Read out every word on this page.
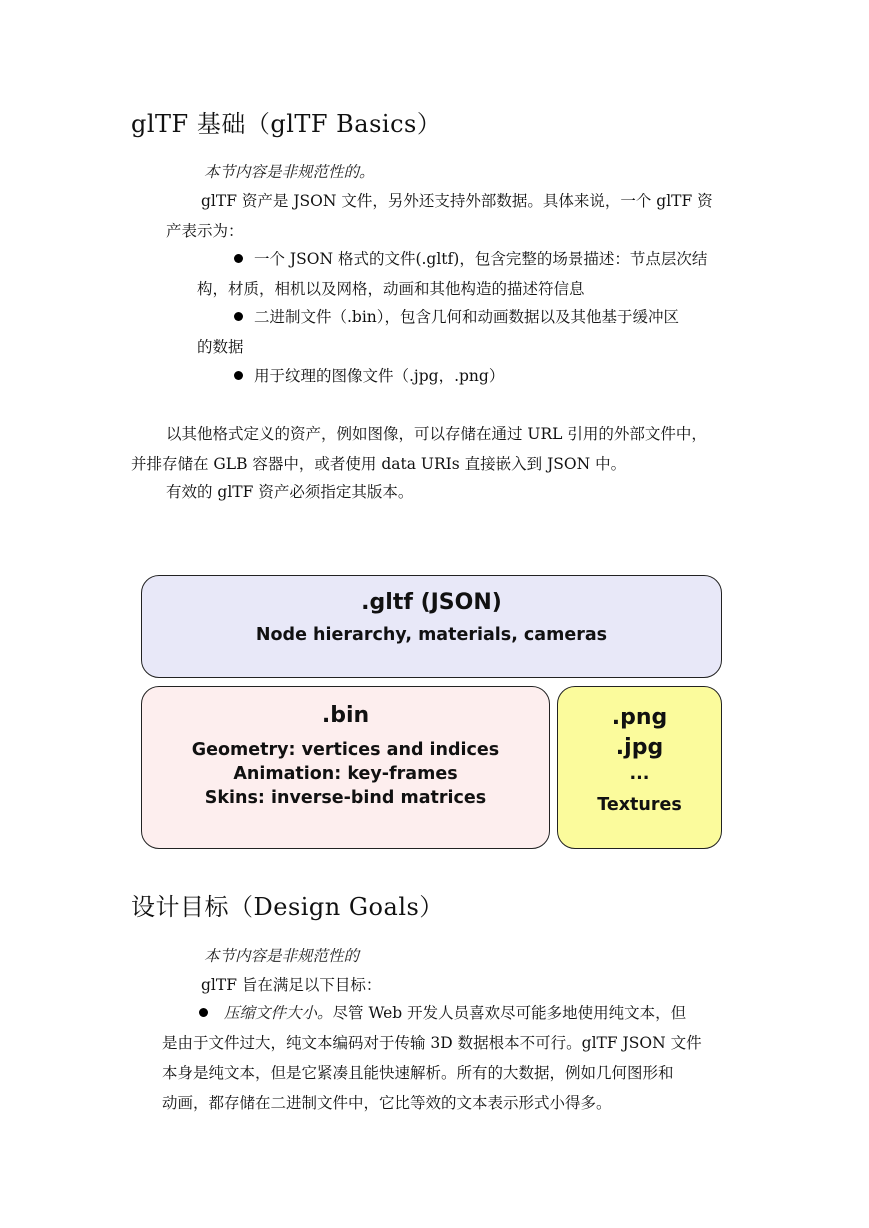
glTF 基础（glTF Basics）
本节内容是非规范性的。
glTF 资产是 JSON 文件，另外还支持外部数据。具体来说，一个 glTF 资
产表示为：
一个 JSON 格式的文件(.gltf)，包含完整的场景描述：节点层次结
构，材质，相机以及网格，动画和其他构造的描述符信息
二进制文件（.bin），包含几何和动画数据以及其他基于缓冲区
的数据
用于纹理的图像文件（.jpg，.png）
以其他格式定义的资产，例如图像，可以存储在通过 URL 引用的外部文件中，
并排存储在 GLB 容器中，或者使用 data URIs 直接嵌入到 JSON 中。
有效的 glTF 资产必须指定其版本。
.gltf (JSON)
Node hierarchy, materials, cameras
.bin
Geometry: vertices and indices
Animation: key-frames
Skins: inverse-bind matrices
.png
.jpg
...
Textures
设计目标（Design Goals）
本节内容是非规范性的
glTF 旨在满足以下目标：
压缩文件大小。尽管 Web 开发人员喜欢尽可能多地使用纯文本，但
是由于文件过大，纯文本编码对于传输 3D 数据根本不可行。glTF JSON 文件
本身是纯文本，但是它紧凑且能快速解析。所有的大数据，例如几何图形和
动画，都存储在二进制文件中，它比等效的文本表示形式小得多。
